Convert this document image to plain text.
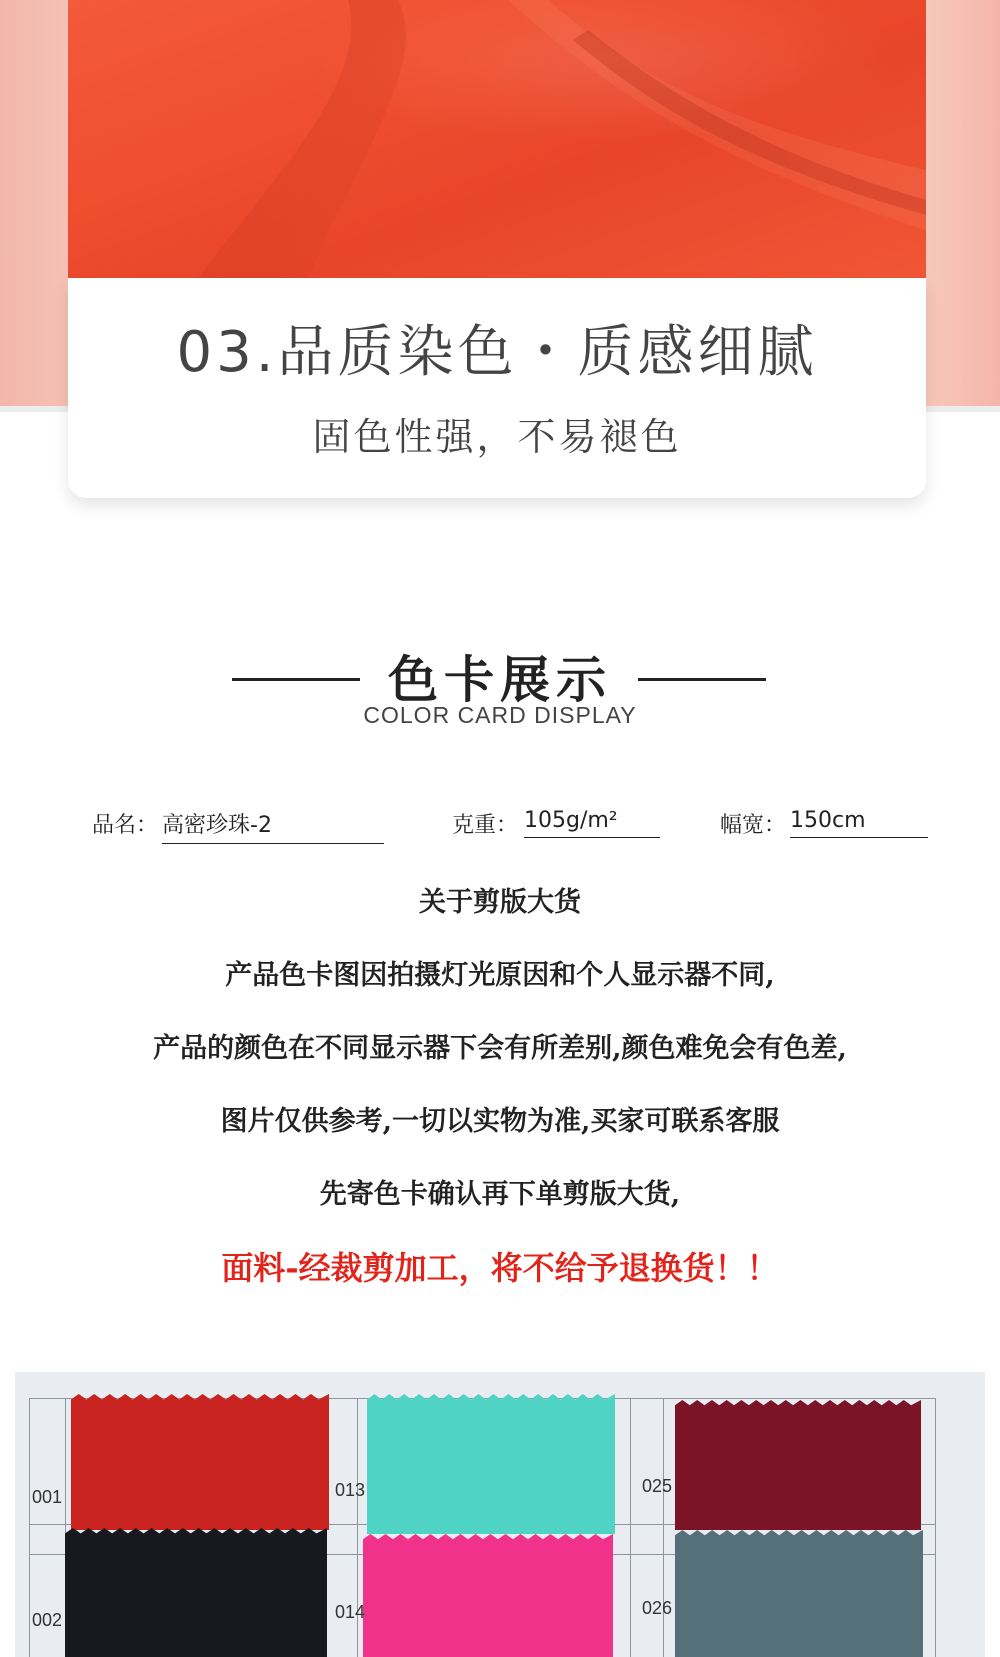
03.品质染色・质感细腻
固色性强，不易褪色
色卡展示
COLOR CARD DISPLAY
品名： 高密珍珠-2	克重： 105g/m²	幅宽： 150cm
关于剪版大货
产品色卡图因拍摄灯光原因和个人显示器不同,
产品的颜色在不同显示器下会有所差别,颜色难免会有色差,
图片仅供参考,一切以实物为准,买家可联系客服
先寄色卡确认再下单剪版大货,
面料-经裁剪加工，将不给予退换货！！
001
002
013
014
025
026
